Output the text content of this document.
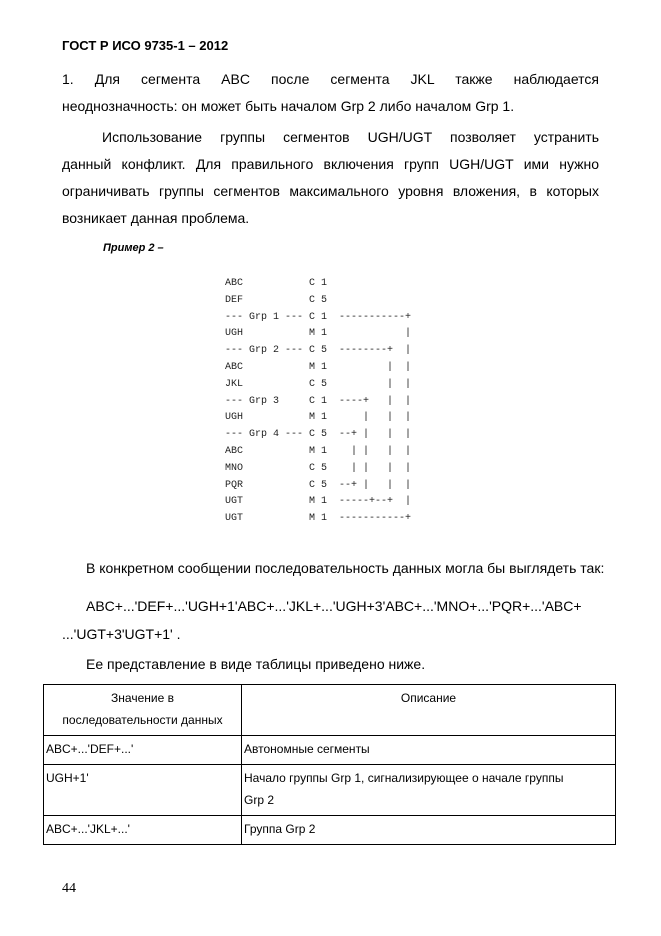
ГОСТ Р ИСО 9735-1 – 2012
1. Для сегмента ABC после сегмента JKL также наблюдается
неоднозначность: он может быть началом Grp 2 либо началом Grp 1.
Использование группы сегментов UGH/UGT позволяет устранить
данный конфликт. Для правильного включения групп UGH/UGT ими нужно
ограничивать группы сегментов максимального уровня вложения, в которых
возникает данная проблема.
Пример 2 –
ABC           C 1
DEF           C 5
--- Grp 1 --- C 1  -----------+
UGH           M 1             |
--- Grp 2 --- C 5  --------+  |
ABC           M 1          |  |
JKL           C 5          |  |
--- Grp 3     C 1  ----+   |  |
UGH           M 1      |   |  |
--- Grp 4 --- C 5  --+ |   |  |
ABC           M 1    | |   |  |
MNO           C 5    | |   |  |
PQR           C 5  --+ |   |  |
UGT           M 1  -----+--+  |
UGT           M 1  -----------+
В конкретном сообщении последовательность данных могла бы выглядеть так:
ABC+...'DEF+...'UGH+1'ABC+...'JKL+...'UGH+3'ABC+...'MNO+...'PQR+...'ABC+
...'UGT+3'UGT+1' .
Ее представление в виде таблицы приведено ниже.
Значение в
последовательности данных	Описание
ABC+...'DEF+...'	Автономные сегменты

UGH+1'	Начало группы Grp 1, сигнализирующее о начале группы
Grp 2

ABC+...'JKL+...'	Группа Grp 2
44
